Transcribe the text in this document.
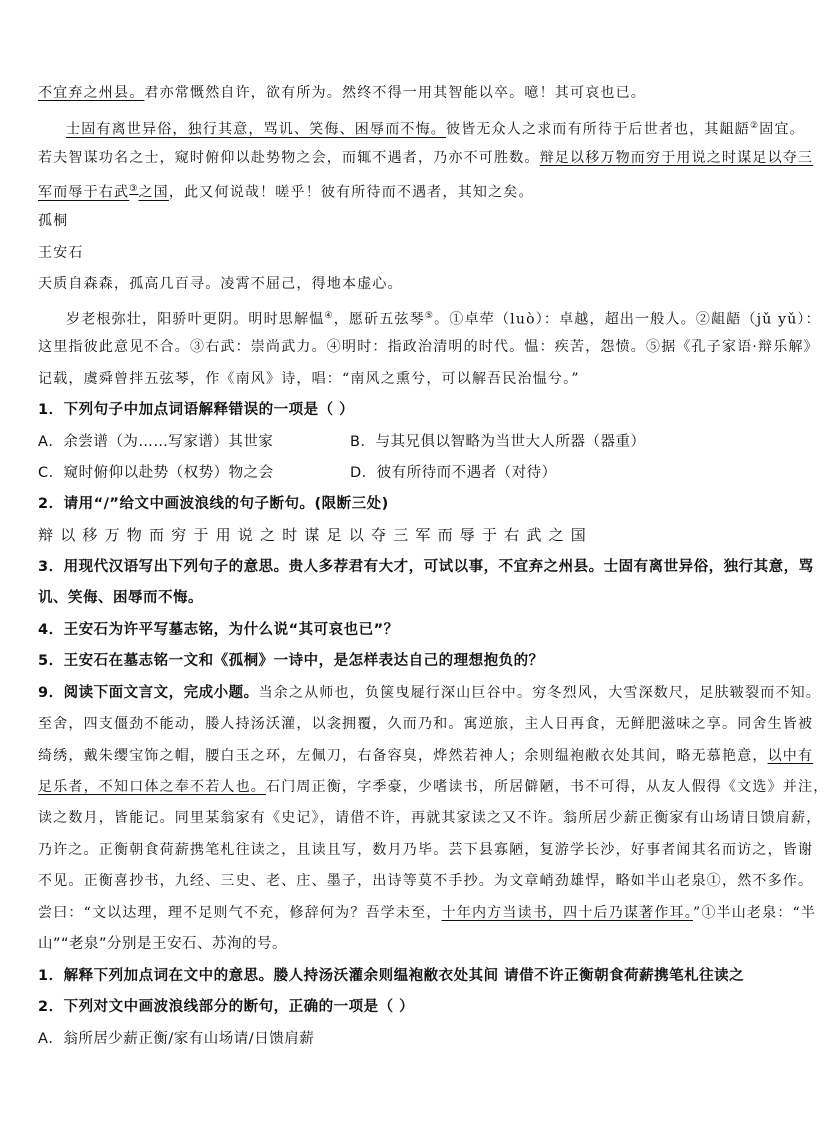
不宜弃之州县。君亦常慨然自许，欲有所为。然终不得一用其智能以卒。噫！其可哀也已。
士固有离世异俗，独行其意，骂讥、笑侮、困辱而不悔。彼皆无众人之求而有所待于后世者也，其龃龉②固宜。
若夫智谋功名之士，窥时俯仰以赴势物之会，而辄不遇者，乃亦不可胜数。辩足以移万物而穷于用说之时谋足以夺三
军而辱于右武③之国，此又何说哉！嗟乎！彼有所待而不遇者，其知之矣。
孤桐
王安石
天质自森森，孤高几百寻。凌霄不屈己，得地本虚心。
岁老根弥壮，阳骄叶更阴。明时思解愠④，愿斫五弦琴⑤。①卓荦（luò）：卓越，超出一般人。②龃龉（jǔ yǔ）：
这里指彼此意见不合。③右武：崇尚武力。④明时：指政治清明的时代。愠：疾苦，怨愤。⑤据《孔子家语·辩乐解》
记载，虞舜曾拌五弦琴，作《南风》诗，唱：“南风之熏兮，可以解吾民治愠兮。”
1．下列句子中加点词语解释错误的一项是（ ）
A．余尝谱（为……写家谱）其世家	B．与其兄俱以智略为当世大人所器（器重）
C．窥时俯仰以赴势（权势）物之会	D．彼有所待而不遇者（对待）
2．请用“/”给文中画波浪线的句子断句。(限断三处)
辩以移万物而穷于用说之时谋足以夺三军而辱于右武之国
3．用现代汉语写出下列句子的意思。贵人多荐君有大才，可试以事，不宜弃之州县。士固有离世异俗，独行其意，骂
讥、笑侮、困辱而不悔。
4．王安石为许平写墓志铭，为什么说“其可哀也已”？
5．王安石在墓志铭一文和《孤桐》一诗中，是怎样表达自己的理想抱负的？
9．阅读下面文言文，完成小题。当余之从师也，负箧曳屣行深山巨谷中。穷冬烈风，大雪深数尺，足肤皲裂而不知。
至舍，四支僵劲不能动，媵人持汤沃灌，以衾拥覆，久而乃和。寓逆旅，主人日再食，无鲜肥滋味之享。同舍生皆被
绮绣，戴朱缨宝饰之帽，腰白玉之环，左佩刀，右备容臭，烨然若神人；余则缊袍敝衣处其间，略无慕艳意，以中有
足乐者，不知口体之奉不若人也。石门周正衡，字季豪，少嗜读书，所居僻陋，书不可得，从友人假得《文选》并注，
读之数月，皆能记。同里某翁家有《史记》，请借不许，再就其家读之又不许。翁所居少薪正衡家有山场请日馈肩薪，
乃许之。正衡朝食荷薪携笔札往读之，且读且写，数月乃毕。芸下县寡陋，复游学长沙，好事者闻其名而访之，皆谢
不见。正衡喜抄书，九经、三史、老、庄、墨子，出诗等莫不手抄。为文章峭劲雄悍，略如半山老泉①，然不多作。
尝曰：“文以达理，理不足则气不充，修辞何为？吾学未至，十年内方当读书，四十后乃谋著作耳。”①半山老泉：“半
山”“老泉”分别是王安石、苏洵的号。
1．解释下列加点词在文中的意思。媵人持汤沃灌余则缊袍敝衣处其间 请借不许正衡朝食荷薪携笔札往读之
2．下列对文中画波浪线部分的断句，正确的一项是（ ）
A．翁所居少薪正衡/家有山场请/日馈肩薪
